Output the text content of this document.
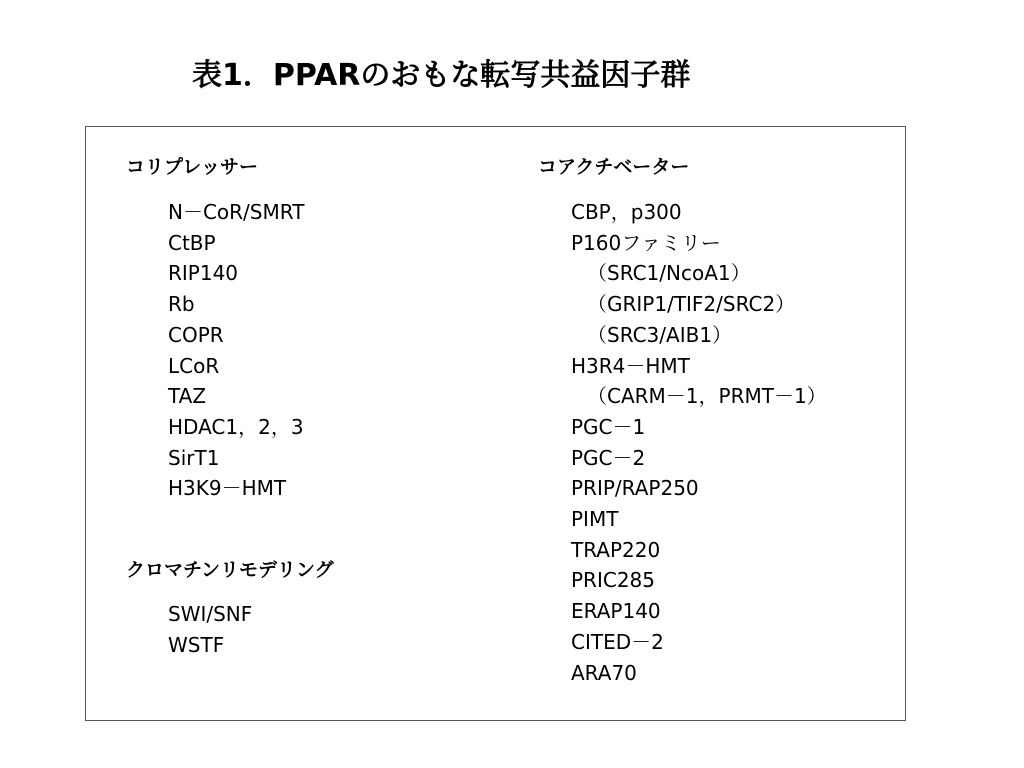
表1．PPARのおもな転写共益因子群
コリプレッサー
N－CoR/SMRT
CtBP
RIP140
Rb
COPR
LCoR
TAZ
HDAC1，2，3
SirT1
H3K9－HMT
クロマチンリモデリング
SWI/SNF
WSTF
コアクチベーター
CBP，p300
P160ファミリー
（SRC1/NcoA1）
（GRIP1/TIF2/SRC2）
（SRC3/AIB1）
H3R4－HMT
（CARM－1，PRMT－1）
PGC－1
PGC－2
PRIP/RAP250
PIMT
TRAP220
PRIC285
ERAP140
CITED－2
ARA70
